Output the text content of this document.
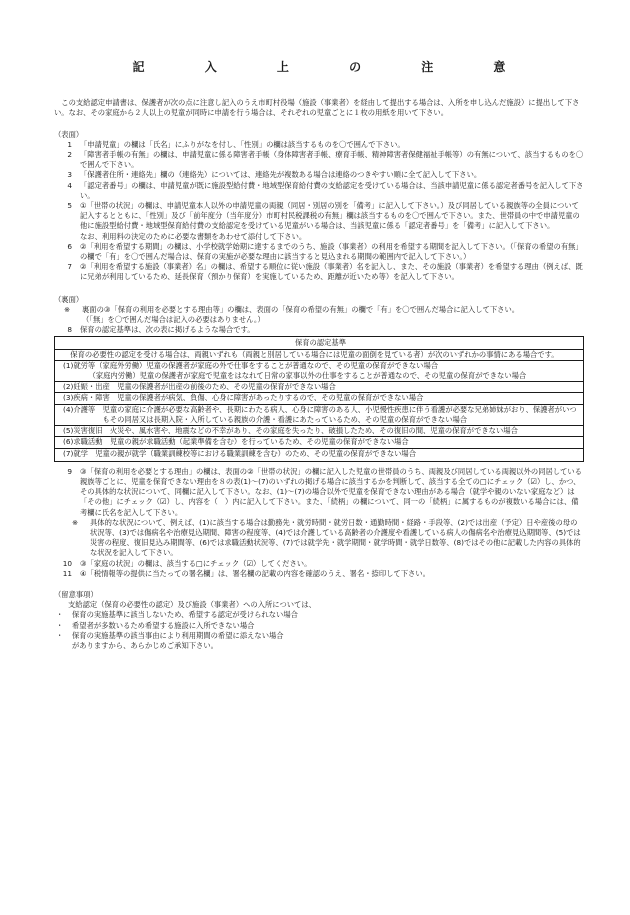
記 入 上 の 注 意

この支給認定申請書は、保護者が次の点に注意し記入のうえ市町村役場（施設（事業者）を経由して提出する場合は、入所を申し込んだ施設）に提出して下さい。なお、その家庭から２人以上の児童が同時に申請を行う場合は、それぞれの児童ごとに１枚の用紙を用いて下さい。

（表面）

1	「申請児童」の欄は「氏名」にふりがなを付し、「性別」の欄は該当するものを〇で囲んで下さい。
2	「障害者手帳の有無」の欄は、申請児童に係る障害者手帳（身体障害者手帳、療育手帳、精神障害者保健福祉手帳等）の有無について、該当するものを〇で囲んで下さい。
3	「保護者住所・連絡先」欄の（連絡先）については、連絡先が複数ある場合は連絡のつきやすい順に全て記入して下さい。
4	「認定者番号」の欄は、申請児童が既に施設型給付費・地域型保育給付費の支給認定を受けている場合は、当該申請児童に係る認定者番号を記入して下さい。
5	①「世帯の状況」の欄は、申請児童本人以外の申請児童の両親（同居・別居の別を「備考」に記入して下さい。）及び同居している親族等の全員について記入するとともに、「性別」及び「前年度分（当年度分）市町村民税課税の有無」欄は該当するものを〇で囲んで下さい。また、世帯員の中で申請児童の他に施設型給付費・地域型保育給付費の支給認定を受けている児童がいる場合は、当該児童に係る「認定者番号」を「備考」に記入して下さい。
なお、利用料の決定のために必要な書類をあわせて添付して下さい。
6	②「利用を希望する期間」の欄は、小学校就学始期に達するまでのうち、施設（事業者）の利用を希望する期間を記入して下さい。（「保育の希望の有無」の欄で「有」を〇で囲んだ場合は、保育の実施が必要な理由に該当すると見込まれる期間の範囲内で記入して下さい。）
7	②「利用を希望する施設（事業者）名」の欄は、希望する順位に従い施設（事業者）名を記入し、また、その施設（事業者）を希望する理由（例えば、既に兄弟が利用しているため、延長保育（預かり保育）を実施しているため、距離が近いため等）を記入して下さい。

（裏面）

※	裏面の③「保育の利用を必要とする理由等」の欄は、表面の「保育の希望の有無」の欄で「有」を〇で囲んだ場合に記入して下さい。

（「無」を〇で囲んだ場合は記入の必要はありません。）

8	保育の認定基準は、次の表に掲げるような場合です。
保育の認定基準

保育の必要性の認定を受ける場合は、両親いずれも（両親と別居している場合には児童の面倒を見ている者）が次のいずれかの事情にある場合です。

(1)就労等（家庭外労働） 児童の保護者が家庭の外で仕事をすることが普通なので、その児童の保育ができない場合
　　　　（家庭内労働） 児童の保護者が家庭で児童をはなれて日常の家事以外の仕事をすることが普通なので、その児童の保育ができない場合
(2)妊娠・出産　 児童の保護者が出産の前後のため、その児童の保育ができない場合
(3)疾病・障害　 児童の保護者が病気、負傷、心身に障害があったりするので、その児童の保育ができない場合
(4)介護等　 児童の家庭に介護が必要な高齢者や、長期にわたる病人、心身に障害のある人、小児慢性疾患に伴う看護が必要な兄弟姉妹がおり、保護者がいつもその同居又は長期入院・入所している親族の介護・看護にあたっているため、その児童の保育ができない場合
(5)災害復旧　 火災や、風水害や、地震などの不幸があり、その家庭を失ったり、破損したため、その復旧の間、児童の保育ができない場合
(6)求職活動　 児童の親が求職活動（起業準備を含む）を行っているため、その児童の保育ができない場合
(7)就学　 児童の親が就学（職業訓練校等における職業訓練を含む）のため、その児童の保育ができない場合
9	③「保育の利用を必要とする理由」の欄は、表面の②「世帯の状況」の欄に記入した児童の世帯員のうち、両親及び同居している両親以外の同居している親族等ごとに、児童を保育できない理由を８の表(1)〜(7)のいずれの掲げる場合に該当するかを判断して、該当する全ての□にチェック（☑）し、かつ、その具体的な状況について、同欄に記入して下さい。なお、(1)〜(7)の場合以外で児童を保育できない理由がある場合（就学や親のいない家庭など）は「その他」にチェック（☑）し、内容を（　）内に記入して下さい。また、「続柄」の欄について、同一の「続柄」に属するものが複数いる場合には、備考欄に氏名を記入して下さい。
※	具体的な状況について、例えば、(1)に該当する場合は勤務先・就労時間・就労日数・通勤時間・経路・手段等、(2)では出産（予定）日や産後の母の状況等、(3)では傷病名や治療見込期間、障害の程度等、(4)では介護している高齢者の介護度や看護している病人の傷病名や治療見込期間等、(5)では災害の程度、復旧見込み期間等、(6)では求職活動状況等、(7)では就学先・就学期間・就学時間・就学日数等、(8)ではその他に記載した内容の具体的な状況を記入して下さい。
10	③「家庭の状況」の欄は、該当する□にチェック（☑）してください。
11	④「税情報等の提供に当たっての署名欄」は、署名欄の記載の内容を確認のうえ、署名・捺印して下さい。

（留意事項）

支給認定（保育の必要性の認定）及び施設（事業者）への入所については、

・	保育の実施基準に該当しないため、希望する認定が受けられない場合
・	希望者が多数いるため希望する施設に入所できない場合
・	保育の実施基準の該当事由により利用期間の希望に添えない場合

がありますから、あらかじめご承知下さい。
